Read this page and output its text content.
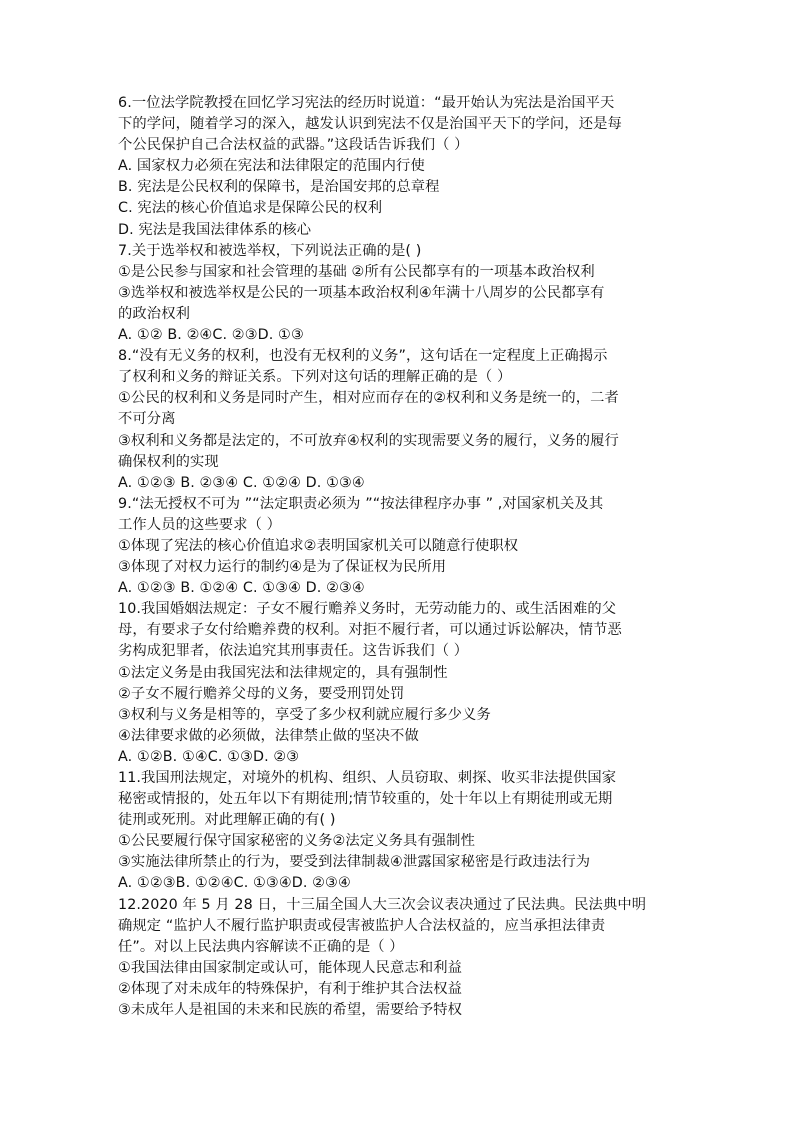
6.一位法学院教授在回忆学习宪法的经历时说道：“最开始认为宪法是治国平天
下的学问，随着学习的深入，越发认识到宪法不仅是治国平天下的学问，还是每
个公民保护自己合法权益的武器。”这段话告诉我们（ ）
A. 国家权力必须在宪法和法律限定的范围内行使
B. 宪法是公民权利的保障书，是治国安邦的总章程
C. 宪法的核心价值追求是保障公民的权利
D. 宪法是我国法律体系的核心
7.关于选举权和被选举权，下列说法正确的是( )
①是公民参与国家和社会管理的基础 ②所有公民都享有的一项基本政治权利
③选举权和被选举权是公民的一项基本政治权利④年满十八周岁的公民都享有
的政治权利
A. ①② B. ②④C. ②③D. ①③
8.“没有无义务的权利，也没有无权利的义务”，这句话在一定程度上正确揭示
了权利和义务的辩证关系。下列对这句话的理解正确的是（ ）
①公民的权利和义务是同时产生，相对应而存在的②权利和义务是统一的，二者
不可分离
③权利和义务都是法定的，不可放弃④权利的实现需要义务的履行，义务的履行
确保权利的实现
A. ①②③ B. ②③④ C. ①②④ D. ①③④
9.“法无授权不可为 ”“法定职责必须为 ”“按法律程序办事 ” ,对国家机关及其
工作人员的这些要求（ ）
①体现了宪法的核心价值追求②表明国家机关可以随意行使职权
③体现了对权力运行的制约④是为了保证权为民所用
A. ①②③ B. ①②④ C. ①③④ D. ②③④
10.我国婚姻法规定：子女不履行赡养义务时，无劳动能力的、或生活困难的父
母，有要求子女付给赡养费的权利。对拒不履行者，可以通过诉讼解决，情节恶
劣构成犯罪者，依法追究其刑事责任。这告诉我们（ ）
①法定义务是由我国宪法和法律规定的，具有强制性
②子女不履行赡养父母的义务，要受刑罚处罚
③权利与义务是相等的，享受了多少权利就应履行多少义务
④法律要求做的必须做，法律禁止做的坚决不做
A. ①②B. ①④C. ①③D. ②③
11.我国刑法规定，对境外的机构、组织、人员窃取、刺探、收买非法提供国家
秘密或情报的，处五年以下有期徒刑;情节较重的，处十年以上有期徒刑或无期
徒刑或死刑。对此理解正确的有( )
①公民要履行保守国家秘密的义务②法定义务具有强制性
③实施法律所禁止的行为，要受到法律制裁④泄露国家秘密是行政违法行为
A. ①②③B. ①②④C. ①③④D. ②③④
12.2020 年 5 月 28 日，十三届全国人大三次会议表决通过了民法典。民法典中明
确规定 “监护人不履行监护职责或侵害被监护人合法权益的，应当承担法律责
任”。对以上民法典内容解读不正确的是（ ）
①我国法律由国家制定或认可，能体现人民意志和利益
②体现了对未成年的特殊保护，有利于维护其合法权益
③未成年人是祖国的未来和民族的希望，需要给予特权
